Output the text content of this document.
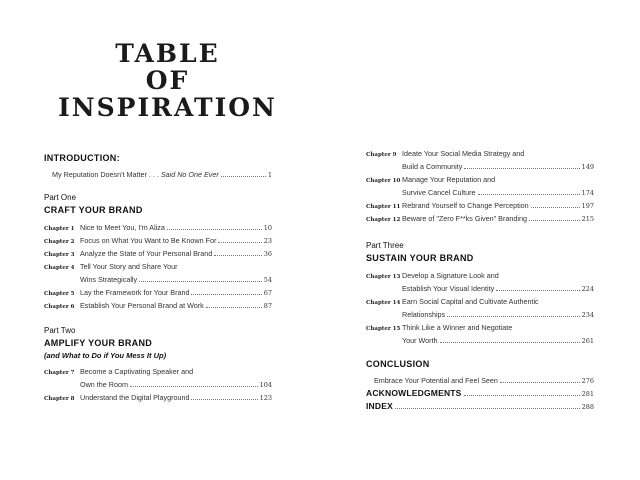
TABLE
OF
INSPIRATION
INTRODUCTION:
My Reputation Doesn't Matter . . . Said No One Ever	1
Part One
CRAFT YOUR BRAND
Chapter 1 Nice to Meet You, I'm Aliza	10
Chapter 2 Focus on What You Want to Be Known For	23
Chapter 3 Analyze the State of Your Personal Brand	36
Chapter 4 Tell Your Story and Share Your
Wins Strategically	54
Chapter 5 Lay the Framework for Your Brand	67
Chapter 6 Establish Your Personal Brand at Work	87
Part Two
AMPLIFY YOUR BRAND
(and What to Do if You Mess It Up)
Chapter 7 Become a Captivating Speaker and
Own the Room	104
Chapter 8 Understand the Digital Playground	123
Chapter 9 Ideate Your Social Media Strategy and
Build a Community	149
Chapter 10 Manage Your Reputation and
Survive Cancel Culture	174
Chapter 11 Rebrand Yourself to Change Perception	197
Chapter 12 Beware of "Zero F**ks Given" Branding	215
Part Three
SUSTAIN YOUR BRAND
Chapter 13 Develop a Signature Look and
Establish Your Visual Identity	224
Chapter 14 Earn Social Capital and Cultivate Authentic
Relationships	234
Chapter 15 Think Like a Winner and Negotiate
Your Worth	261
CONCLUSION
Embrace Your Potential and Feel Seen	276
ACKNOWLEDGMENTS	281
INDEX	288
